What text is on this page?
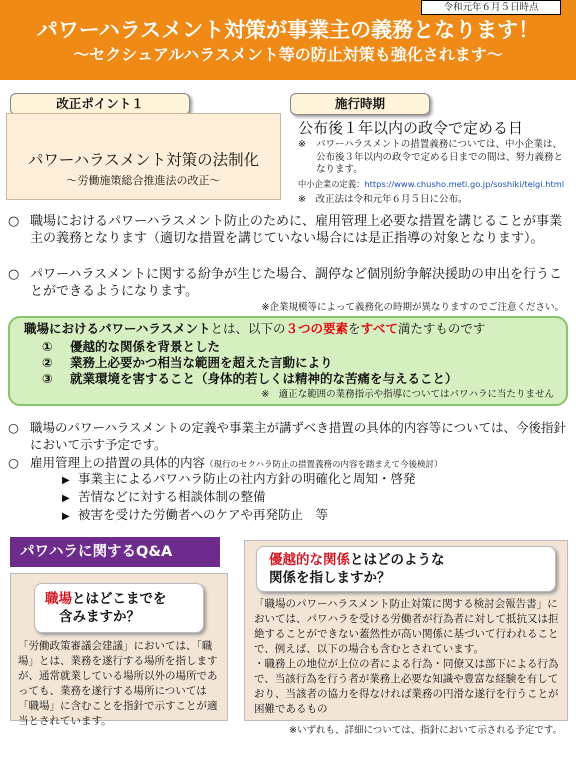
令和元年６月５日時点
パワーハラスメント対策が事業主の義務となります！
～セクシュアルハラスメント等の防止対策も強化されます～
改正ポイント１
パワーハラスメント対策の法制化
～労働施策総合推進法の改正～
施行時期
公布後１年以内の政令で定める日
※	パワーハラスメントの措置義務については、中小企業は、公布後３年以内の政令で定める日までの間は、努力義務となります。
中小企業の定義：https://www.chusho.meti.go.jp/soshiki/teigi.html
※　改正法は令和元年６月５日に公布。
○ 職場におけるパワーハラスメント防止のために、雇用管理上必要な措置を講じることが事業主の義務となります（適切な措置を講じていない場合には是正指導の対象となります）。
○ パワーハラスメントに関する紛争が生じた場合、調停など個別紛争解決援助の申出を行うことができるようになります。
※企業規模等によって義務化の時期が異なりますのでご注意ください。
職場におけるパワーハラスメントとは、以下の３つの要素をすべて満たすものです
① 優越的な関係を背景とした
② 業務上必要かつ相当な範囲を超えた言動により
③ 就業環境を害すること（身体的若しくは精神的な苦痛を与えること）
※　適正な範囲の業務指示や指導についてはパワハラに当たりません
○ 職場のパワーハラスメントの定義や事業主が講ずべき措置の具体的内容等については、今後指針において示す予定です。
○ 雇用管理上の措置の具体的内容（現行のセクハラ防止の措置義務の内容を踏まえて今後検討）
▶ 事業主によるパワハラ防止の社内方針の明確化と周知・啓発
▶ 苦情などに対する相談体制の整備
▶ 被害を受けた労働者へのケアや再発防止　等
パワハラに関するQ&A
職場とはどこまでを
含みますか？
「労働政策審議会建議」においては、「職場」とは、業務を遂行する場所を指しますが、通常就業している場所以外の場所であっても、業務を遂行する場所については「職場」に含むことを指針で示すことが適当とされています。
優越的な関係とはどのような
関係を指しますか？
「職場のパワーハラスメント防止対策に関する検討会報告書」においては、パワハラを受ける労働者が行為者に対して抵抗又は拒絶することができない蓋然性が高い関係に基づいて行われることで、例えば、以下の場合も含むとされています。
・職務上の地位が上位の者による行為・同僚又は部下による行為で、当該行為を行う者が業務上必要な知識や豊富な経験を有しており、当該者の協力を得なければ業務の円滑な遂行を行うことが困難であるもの
※いずれも、詳細については、指針において示される予定です。
